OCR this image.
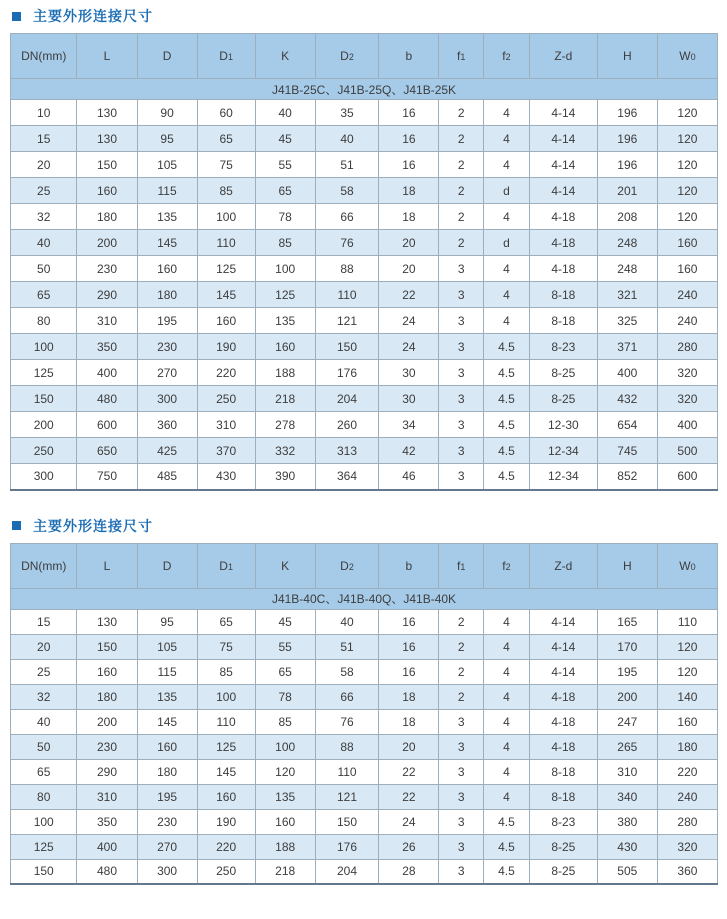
主要外形连接尺寸
DN(mm)	L	D	D1	K	D2	b	f1	f2	Z-d	H	W0
J41B-25C、J41B-25Q、J41B-25K											
10	130	90	60	40	35	16	2	4	4-14	196	120
15	130	95	65	45	40	16	2	4	4-14	196	120
20	150	105	75	55	51	16	2	4	4-14	196	120
25	160	115	85	65	58	18	2	d	4-14	201	120
32	180	135	100	78	66	18	2	4	4-18	208	120
40	200	145	110	85	76	20	2	d	4-18	248	160
50	230	160	125	100	88	20	3	4	4-18	248	160
65	290	180	145	125	110	22	3	4	8-18	321	240
80	310	195	160	135	121	24	3	4	8-18	325	240
100	350	230	190	160	150	24	3	4.5	8-23	371	280
125	400	270	220	188	176	30	3	4.5	8-25	400	320
150	480	300	250	218	204	30	3	4.5	8-25	432	320
200	600	360	310	278	260	34	3	4.5	12-30	654	400
250	650	425	370	332	313	42	3	4.5	12-34	745	500
300	750	485	430	390	364	46	3	4.5	12-34	852	600
主要外形连接尺寸
DN(mm)	L	D	D1	K	D2	b	f1	f2	Z-d	H	W0
J41B-40C、J41B-40Q、J41B-40K											
15	130	95	65	45	40	16	2	4	4-14	165	110
20	150	105	75	55	51	16	2	4	4-14	170	120
25	160	115	85	65	58	16	2	4	4-14	195	120
32	180	135	100	78	66	18	2	4	4-18	200	140
40	200	145	110	85	76	18	3	4	4-18	247	160
50	230	160	125	100	88	20	3	4	4-18	265	180
65	290	180	145	120	110	22	3	4	8-18	310	220
80	310	195	160	135	121	22	3	4	8-18	340	240
100	350	230	190	160	150	24	3	4.5	8-23	380	280
125	400	270	220	188	176	26	3	4.5	8-25	430	320
150	480	300	250	218	204	28	3	4.5	8-25	505	360
